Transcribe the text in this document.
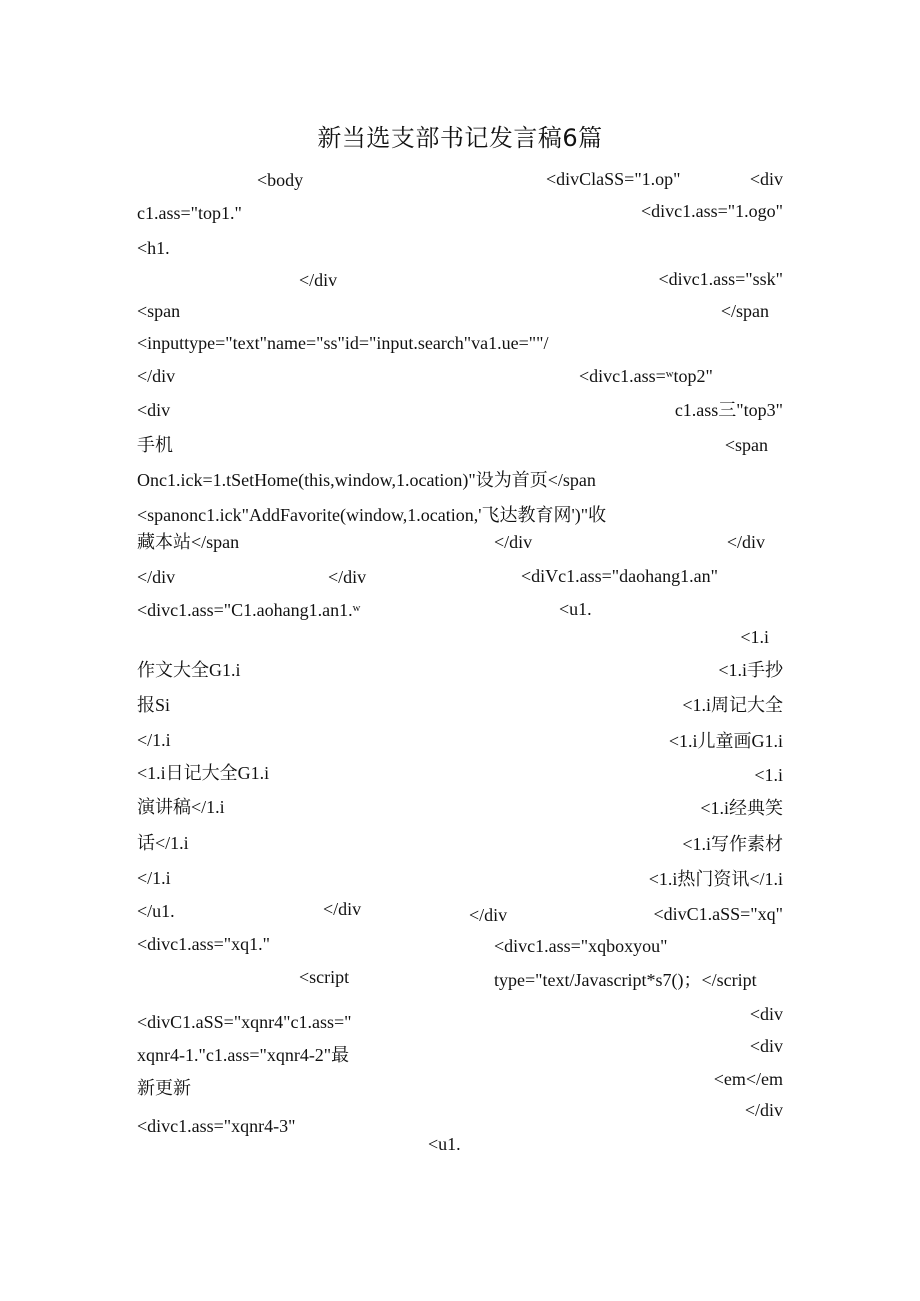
新当选支部书记发言稿6篇
<body	<divClaSS="1.op"	<div
c1.ass="top1."	<divc1.ass="1.ogo"
<h1.
</div	<divc1.ass="ssk"
<span	</span
<inputtype="text"name="ss"id="input.search"va1.ue=""/
</div	<divc1.ass=ʷtop2"
<div	c1.ass三"top3"
手机	<span
Onc1.ick=1.tSetHome(this,window,1.ocation)"设为首页</span
<spanonc1.ick"AddFavorite(window,1.ocation,'飞达教育网')"收
藏本站</span	</div	</div
</div	</div	<diVc1.ass="daohang1.an"
<divc1.ass="C1.aohang1.an1.ʷ	<u1.
<1.i
作文大全G1.i	<1.i手抄
报Si	<1.i周记大全
</1.i	<1.i儿童画G1.i
<1.i日记大全G1.i	<1.i
演讲稿</1.i	<1.i经典笑
话</1.i	<1.i写作素材
</1.i	<1.i热门资讯</1.i
</u1.	</div	</div	<divC1.aSS="xq"
<divc1.ass="xq1."	<divc1.ass="xqboxyou"
<script	type="text/Javascript*s7()；</script
<div
<divC1.aSS="xqnr4"c1.ass="
<div
xqnr4-1."c1.ass="xqnr4-2"最
<em</em
新更新
</div
<divc1.ass="xqnr4-3"
<u1.
